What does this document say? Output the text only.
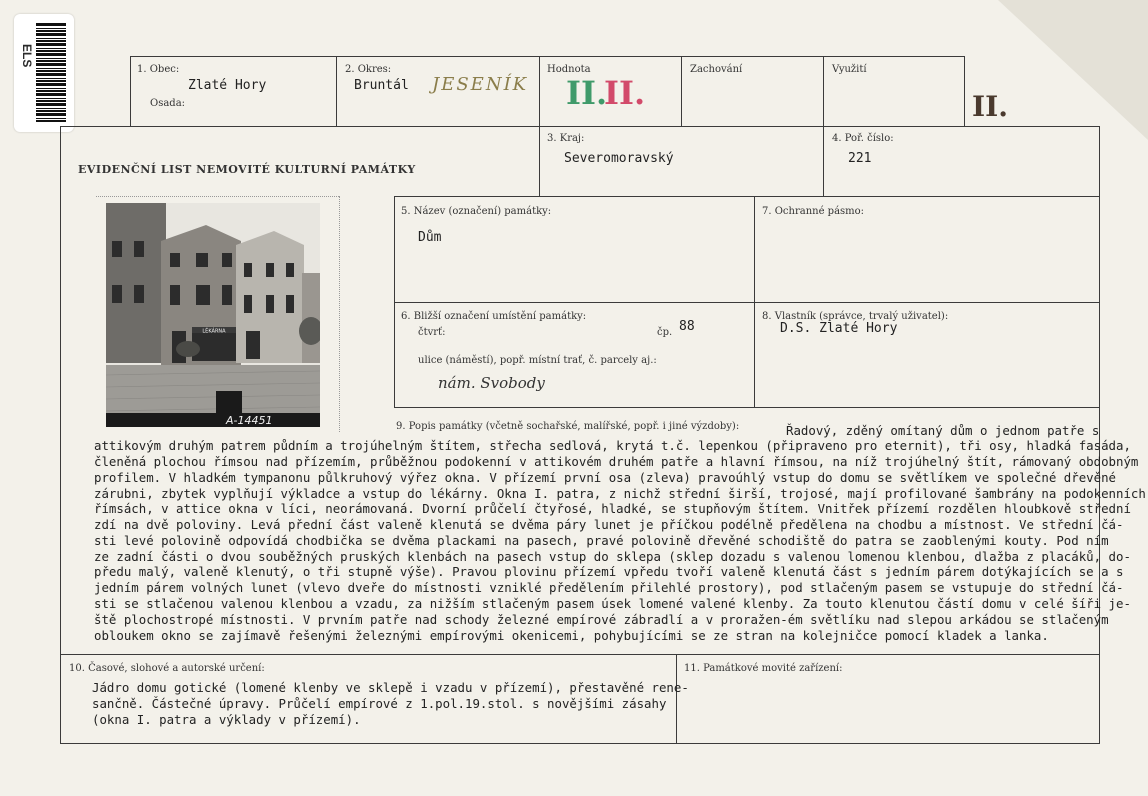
ELS
1. Obec:
Zlaté Hory
Osada:
2. Okres:
Bruntál JESENÍK
Hodnota
II.
II.
Zachování	Využití
II.
EVIDENČNÍ LIST NEMOVITÉ KULTURNÍ PAMÁTKY
3. Kraj:
Severomoravský
4. Poř. číslo:
221
LÉKÁRNA
A-14451
5. Název (označení) památky:
Dům
7. Ochranné pásmo:
6. Bližší označení umístění památky:
čtvrť:	čp. 88
ulice (náměstí), popř. místní trať, č. parcely aj.:
nám. Svobody
8. Vlastník (správce, trvalý uživatel):
D.S. Zlaté Hory
9. Popis památky (včetně sochařské, malířské, popř. i jiné výzdoby):	Řadový, zděný omítaný dům o jednom patře s
attikovým druhým patrem půdním a trojúhelným štítem, střecha sedlová, krytá t.č. lepenkou (připraveno pro eternit), tři osy, hladká fasáda,
členěná plochou římsou nad přízemím, průběžnou podokenní v attikovém druhém patře a hlavní římsou, na níž trojúhelný štít, rámovaný obdobným
profilem. V hladkém tympanonu půlkruhový výřez okna. V přízemí první osa (zleva) pravoúhlý vstup do domu se světlíkem ve společné dřevěné
zárubni, zbytek vyplňují výkladce a vstup do lékárny. Okna I. patra, z nichž střední širší, trojosé, mají profilované šambrány na podokenních
římsách, v attice okna v líci, neorámovaná. Dvorní průčelí čtyřosé, hladké, se stupňovým štítem. Vnitřek přízemí rozdělen hloubkově střední
zdí na dvě poloviny. Levá přední část valeně klenutá se dvěma páry lunet je příčkou podélně předělena na chodbu a místnost. Ve střední čá-
sti levé polovině odpovídá chodbička se dvěma plackami na pasech, pravé polovině dřevěné schodiště do patra se zaoblenými kouty. Pod ním
ze zadní části o dvou souběžných pruských klenbách na pasech vstup do sklepa (sklep dozadu s valenou lomenou klenbou, dlažba z placáků, do-
předu malý, valeně klenutý, o tři stupně výše). Pravou plovinu přízemí vpředu tvoří valeně klenutá část s jedním párem dotýkajících se a s
jedním párem volných lunet (vlevo dveře do místnosti vzniklé předělením přilehlé prostory), pod stlačeným pasem se vstupuje do střední čá-
sti se stlačenou valenou klenbou a vzadu, za nižším stlačeným pasem úsek lomené valené klenby. Za touto klenutou částí domu v celé šíři je-
ště plochostropé místnosti. V prvním patře nad schody železné empírové zábradlí a v proražen-ém světlíku nad slepou arkádou se stlačeným
obloukem okno se zajímavě řešenými železnými empírovými okenicemi, pohybujícími se ze stran na kolejničce pomocí kladek a lanka.
10. Časové, slohové a autorské určení:
Jádro domu gotické (lomené klenby ve sklepě i vzadu v přízemí), přestavěné rene-
sančně. Částečné úpravy. Průčelí empírové z 1.pol.19.stol. s novějšími zásahy
(okna I. patra a výklady v přízemí).
11. Památkové movité zařízení:
